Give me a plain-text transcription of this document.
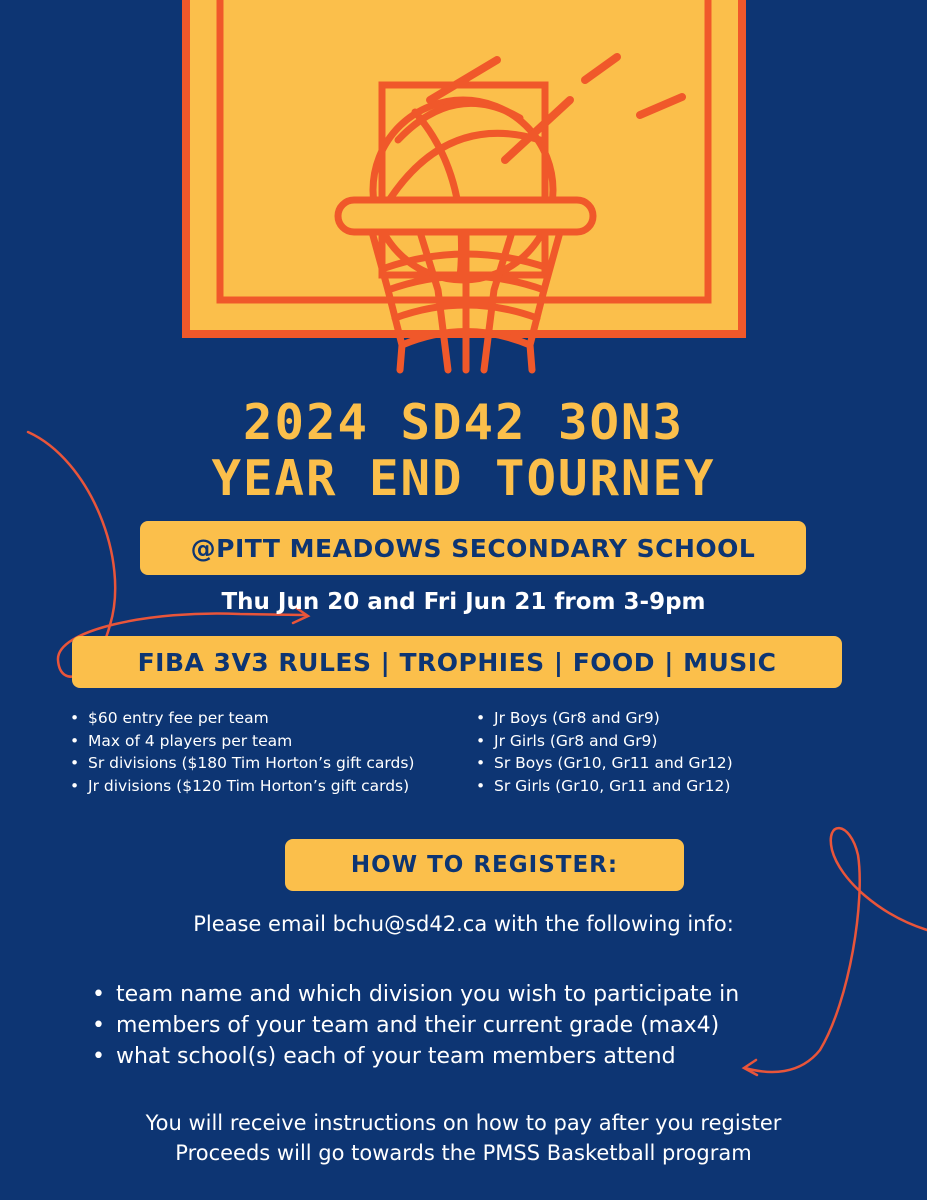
2024 SD42 3ON3
YEAR END TOURNEY
@PITT MEADOWS SECONDARY SCHOOL
Thu Jun 20 and Fri Jun 21 from 3-9pm
FIBA 3V3 RULES | TROPHIES | FOOD | MUSIC
• $60 entry fee per team
• Max of 4 players per team
• Sr divisions ($180 Tim Horton’s gift cards)
• Jr divisions ($120 Tim Horton’s gift cards)
• Jr Boys (Gr8 and Gr9)
• Jr Girls (Gr8 and Gr9)
• Sr Boys (Gr10, Gr11 and Gr12)
• Sr Girls (Gr10, Gr11 and Gr12)
HOW TO REGISTER:
Please email bchu@sd42.ca with the following info:
• team name and which division you wish to participate in
• members of your team and their current grade (max4)
• what school(s) each of your team members attend
You will receive instructions on how to pay after you register
Proceeds will go towards the PMSS Basketball program
